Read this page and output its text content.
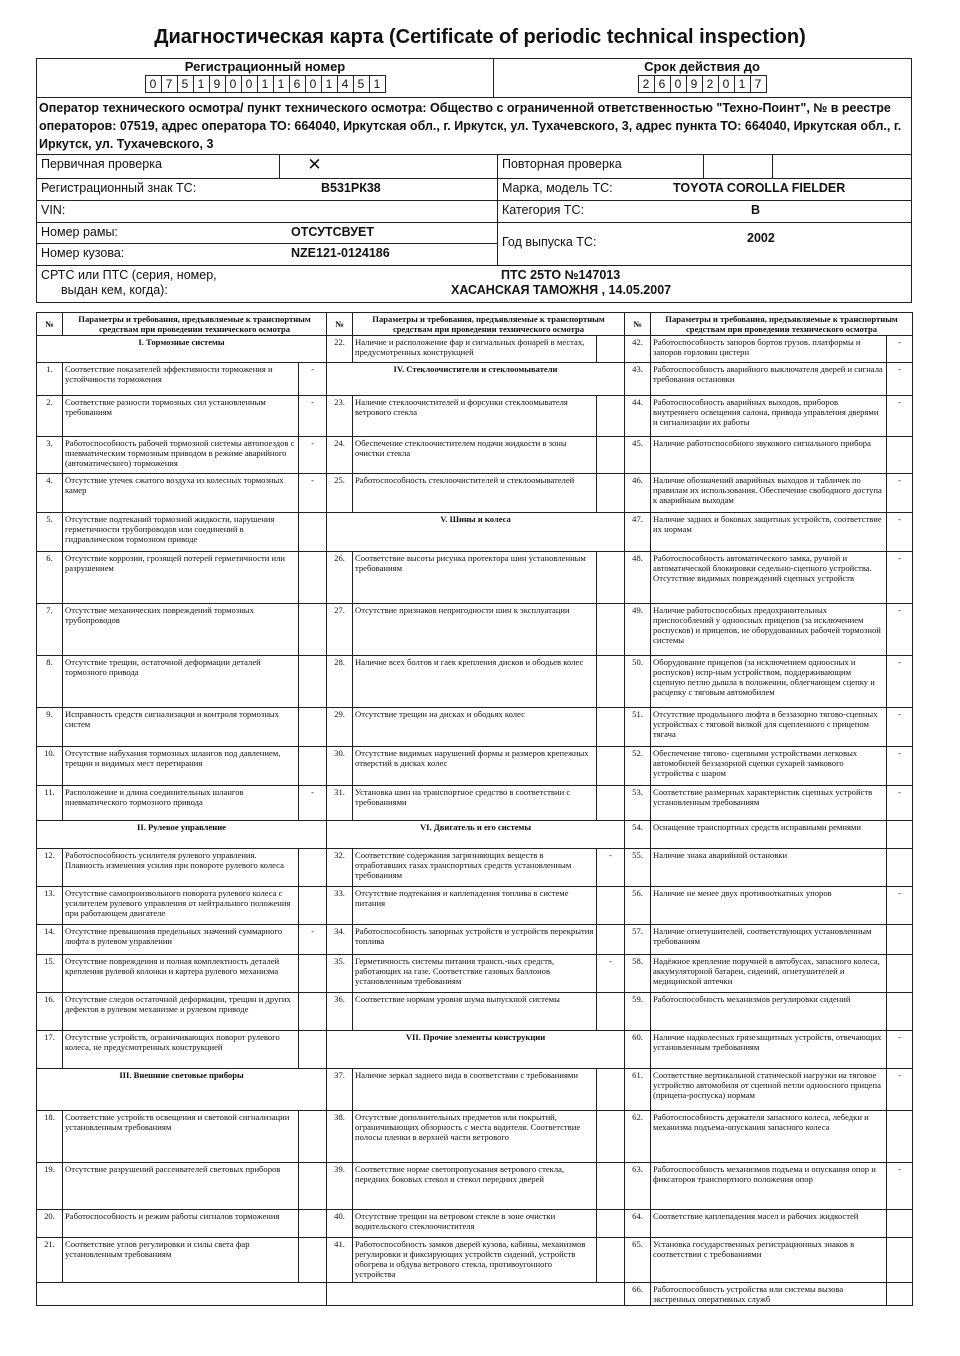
Диагностическая карта (Certificate of periodic technical inspection)
Регистрационный номер
0 7 5 1 9 0 0 1 1 6 0 1 4 5 1
Срок действия до
2 6 0 9 2 0 1 7
Оператор технического осмотра/ пункт технического осмотра: Общество с ограниченной ответственностью "Техно-Поинт", № в реестре операторов: 07519, адрес оператора ТО: 664040, Иркутская обл., г. Иркутск, ул. Тухачевского, 3, адрес пункта ТО: 664040, Иркутская обл., г. Иркутск, ул. Тухачевского, 3
Первичная проверка	✕	Повторная проверка
Регистрационный знак ТС:	В531РК38	Марка, модель ТС:	TOYOTA COROLLA FIELDER
VIN:	Категория ТС:	В
Номер рамы:	ОТСУТСВУЕТ
Номер кузова:	NZE121-0124186
Год выпуска ТС:	2002
СРТС или ПТС (серия, номер,
выдан кем, когда):
ПТС 25ТО №147013
ХАСАНСКАЯ ТАМОЖНЯ , 14.05.2007
№	Параметры и требования, предъявляемые к транспортным средствам при проведении технического осмотра		№	Параметры и требования, предъявляемые к транспортным средствам при проведении технического осмотра		№	Параметры и требования, предъявляемые к транспортным средствам при проведении технического осмотра	
I. Тормозные системы			22.	Наличие и расположение фар и сигнальных фонарей в местах, предусмотренных конструкцией		42.	Работоспособность запоров бортов грузов. платформы и запоров горловин цистерн	-
1.	Соответствие показателей эффективности торможения и устойчивости торможения	-	IV. Стеклоочистители и стеклоомыватели			43.	Работоспособность аварийного выключателя дверей и сигнала требования остановки	-
2.	Соответствие разности тормозных сил установленным требованиям	-	23.	Наличие стеклоочистителей и форсунки стеклоомывателя ветрового стекла		44.	Работоспособность аварийных выходов, приборов внутреннего освещения салона, привода управления дверями и сигнализации их работы	-
3.	Работоспособность рабочей тормозной системы автопоездов с пневматическим тормозным приводом в режиме аварийного (автоматического) торможения	-	24.	Обеспечение стеклоочистителем подачи жидкости в зоны очистки стекла		45.	Наличие работоспособного звукового сигнального прибора	
4.	Отсутствие утечек сжатого воздуха из колесных тормозных камер	-	25.	Работоспособность стеклоочистителей и стеклоомывателей		46.	Наличие обозначений аварийных выходов и табличек по правилам их использования. Обеспечение свободного доступа к аварийным выходам	-
5.	Отсутствие подтеканий тормозной жидкости, нарушения герметичности трубопроводов или соединений в гидравлическом тормозном приводе		V. Шины и колеса			47.	Наличие задних и боковых защитных устройств, соответствие их нормам	-
6.	Отсутствие коррозии, грозящей потерей герметичности или разрушением		26.	Соответствие высоты рисунка протектора шин установленным требованиям		48.	Работоспособность автоматического замка, ручной и автоматической блокировки седельно-сцепного устройства. Отсутствие видимых повреждений сцепных устройств	-
7.	Отсутствие механических повреждений тормозных трубопроводов		27.	Отсутствие признаков непригодности шин к эксплуатации		49.	Наличие работоспособных предохранительных приспособлений у одноосных прицепов (за исключением роспусков) и прицепов, не оборудованных рабочей тормозной системы	-
8.	Отсутствие трещин, остаточной деформации деталей тормозного привода		28.	Наличие всех болтов и гаек крепления дисков и ободьев колес		50.	Оборудование прицепов (за исключением одноосных и роспусков) испр-ным устройством, поддерживающим сцепную петлю дышла в положении, облегчающем сцепку и расцепку с тяговым автомобилем	-
9.	Исправность средств сигнализации и контроля тормозных систем		29.	Отсутствие трещин на дисках и ободьях колес		51.	Отсутствие продольного люфта в беззазорно тягово-сцепных устройствах с тяговой вилкой для сцепленного с прицепом тягача	-
10.	Отсутствие набухания тормозных шлангов под давлением, трещин и видимых мест перетирания		30.	Отсутствие видимых нарушений формы и размеров крепежных отверстий в дисках колес		52.	Обеспечение тягово- сцепными устройствами легковых автомобилей беззазорной сцепки сухарей замкового устройства с шаром	-
11.	Расположение и длина соединительных шлангов пневматического тормозного привода	-	31.	Установка шин на транспортное средство в соответствии с требованиями		53.	Соответствие размерных характеристик сцепных устройств установленным требованиям	-
II. Рулевое управление			VI. Двигатель и его системы			54.	Оснащение транспортных средств исправными ремнями	
12.	Работоспособность усилителя рулевого управления. Плавность изменения усилия при повороте рулевого колеса		32.	Соответствие содержания загрязняющих веществ в отработавших газах транспортных средств установленным требованиям	-	55.	Наличие знака аварийной остановки	
13.	Отсутствие самопроизвольного поворота рулевого колеса с усилителем рулевого управления от нейтрального положения при работающем двигателе		33.	Отсутствие подтекания и каплепадения топлива в системе питания		56.	Наличие не менее двух противооткатных упоров	-
14.	Отсутствие превышения предельных значений суммарного люфта в рулевом управлении	-	34.	Работоспособность запорных устройств и устройств перекрытия топлива		57.	Наличие огнетушителей, соответствующих установленным требованиям	
15.	Отсутствие повреждения и полная комплектность деталей крепления рулевой колонки и картера рулевого механизма		35.	Герметичность системы питания трансп.-ных средств, работающих на газе. Соответствие газовых баллонов установленным требованиям	-	58.	Надёжное крепление поручней в автобусах, запасного колеса, аккумуляторной батареи, сидений, огнетушителей и медицинской аптечки	
16.	Отсутствие следов остаточной деформации, трещин и других дефектов в рулевом механизме и рулевом приводе		36.	Соответствие нормам уровня шума выпускной системы		59.	Работоспособность механизмов регулировки сидений	
17.	Отсутствие устройств, ограничивающих поворот рулевого колеса, не предусмотренных конструкцией		VII. Прочие элементы конструкции			60.	Наличие надколесных грязезащитных устройств, отвечающих установленным требованиям	-
III. Внешние световые приборы			37.	Наличие зеркал заднего вида в соответствии с требованиями		61.	Соответствие вертикальной статической нагрузки на тяговое устройство автомобиля от сцепной петли одноосного прицепа (прицепа-роспуска) нормам	-
18.	Соответствие устройств освещения и световой сигнализации установленным требованиям		38.	Отсутствие дополнительных предметов или покрытий, ограничивающих обзорность с места водителя. Соответствие полосы пленки в верхней части ветрового		62.	Работоспособность держателя запасного колеса, лебедки и механизма подъема-опускания запасного колеса	
19.	Отсутствие разрушений рассеивателей световых приборов		39.	Соответствие норме светопропускания ветрового стекла, передних боковых стекол и стекол передних дверей		63.	Работоспособность механизмов подъема и опускания опор и фиксаторов транспортного положения опор	-
20.	Работоспособность и режим работы сигналов торможения		40.	Отсутствие трещин на ветровом стекле в зоне очистки водительского стеклоочистителя		64.	Соответствие каплепадения масел и рабочих жидкостей	
21.	Соответствие углов регулировки и силы света фар установленным требованиям		41.	Работоспособность замков дверей кузова, кабины, механизмов регулировки и фиксирующих устройств сидений, устройств обогрева и обдува ветрового стекла, противоугонного устройства		65.	Установка государственных регистрационных знаков в соответствии с требованиями	
						66.	Работоспособность устройства или системы вызова экстренных оперативных служб	
